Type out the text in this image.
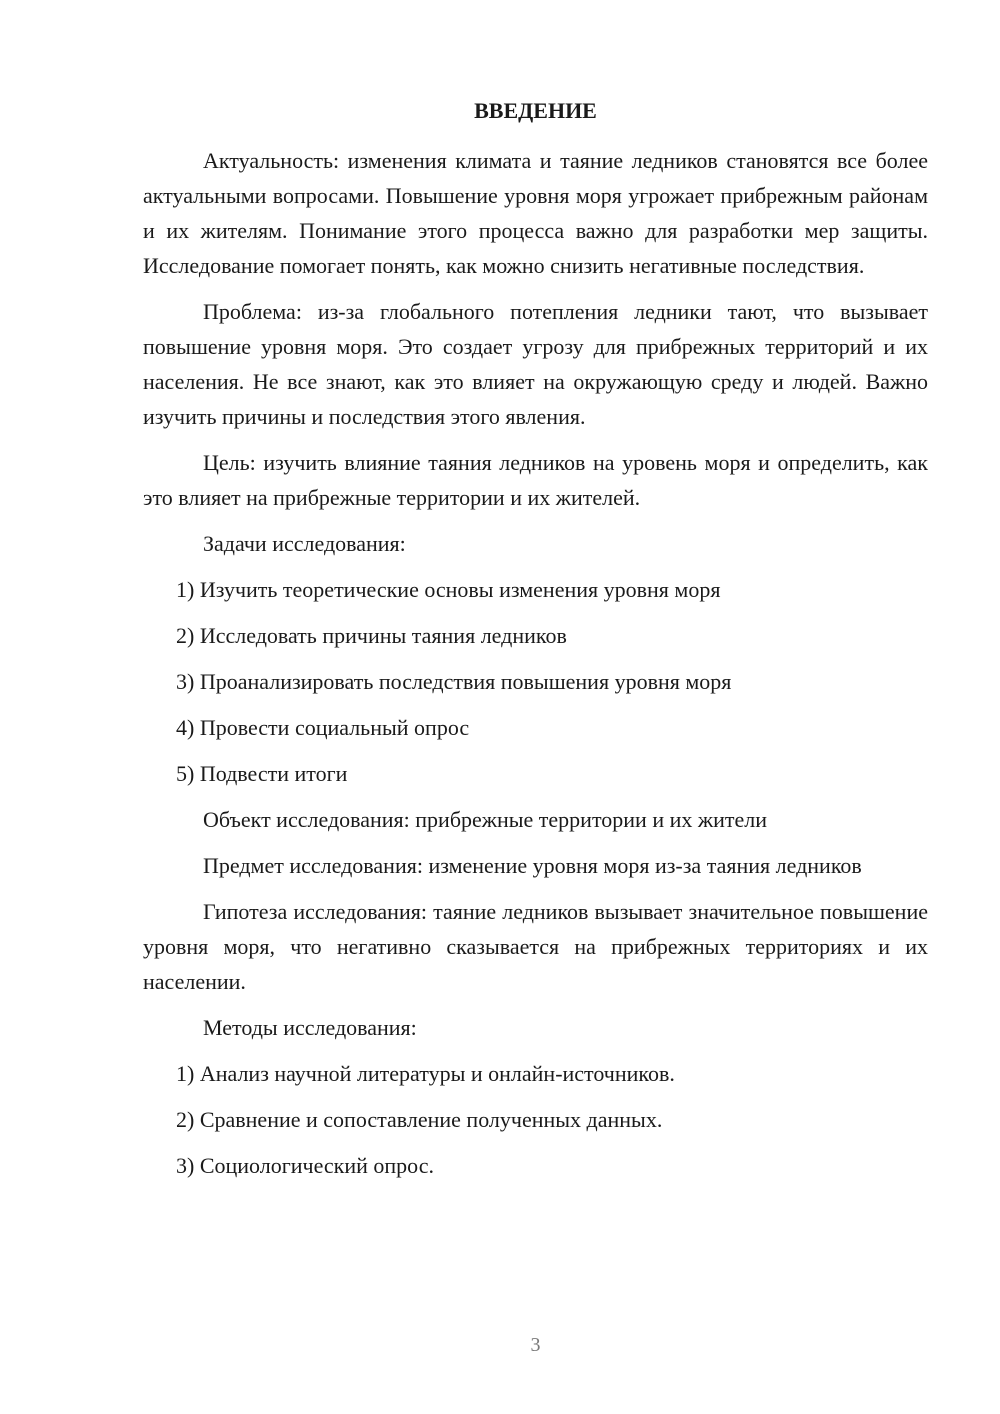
ВВЕДЕНИЕ

Актуальность: изменения климата и таяние ледников становятся все более актуальными вопросами. Повышение уровня моря угрожает прибрежным районам и их жителям. Понимание этого процесса важно для разработки мер защиты. Исследование помогает понять, как можно снизить негативные последствия.

Проблема: из-за глобального потепления ледники тают, что вызывает повышение уровня моря. Это создает угрозу для прибрежных территорий и их населения. Не все знают, как это влияет на окружающую среду и людей. Важно изучить причины и последствия этого явления.

Цель: изучить влияние таяния ледников на уровень моря и определить, как это влияет на прибрежные территории и их жителей.

Задачи исследования:

1) Изучить теоретические основы изменения уровня моря

2) Исследовать причины таяния ледников

3) Проанализировать последствия повышения уровня моря

4) Провести социальный опрос

5) Подвести итоги

Объект исследования: прибрежные территории и их жители

Предмет исследования: изменение уровня моря из-за таяния ледников

Гипотеза исследования: таяние ледников вызывает значительное повышение уровня моря, что негативно сказывается на прибрежных территориях и их населении.

Методы исследования:

1) Анализ научной литературы и онлайн-источников.

2) Сравнение и сопоставление полученных данных.

3) Социологический опрос.

3
